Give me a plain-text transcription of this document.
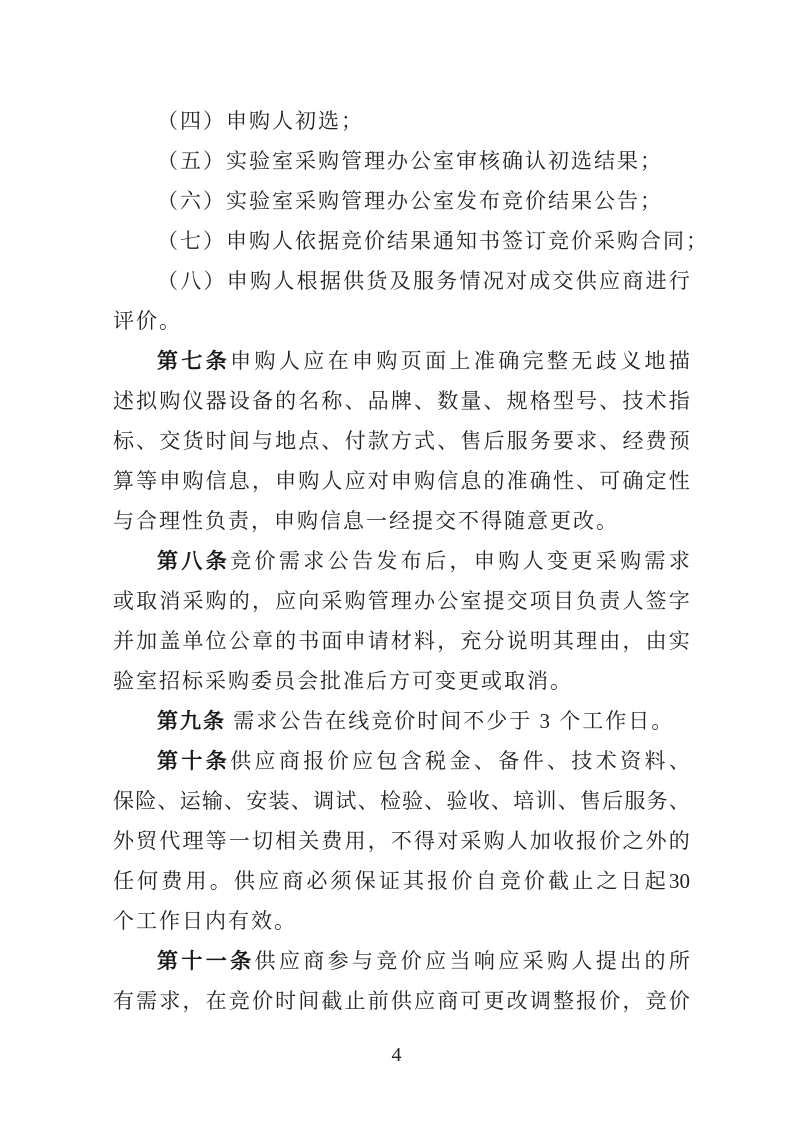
（四）申购人初选；
（五）实验室采购管理办公室审核确认初选结果；
（六）实验室采购管理办公室发布竞价结果公告；
（七）申购人依据竞价结果通知书签订竞价采购合同；
（ 八 ） 申 购 人 根 据 供 货 及 服 务 情 况 对 成 交 供 应 商 进 行
评价。
第 七 条 申 购 人 应 在 申 购 页 面 上 准 确 完 整 无 歧 义 地 描
述 拟 购 仪 器 设 备 的 名 称 、 品 牌 、 数 量 、 规 格 型 号 、 技 术 指
标 、 交 货 时 间 与 地 点 、 付 款 方 式 、 售 后 服 务 要 求 、 经 费 预
算 等 申 购 信 息 ， 申 购 人 应 对 申 购 信 息 的 准 确 性 、 可 确 定 性
与合理性负责，申购信息一经提交不得随意更改。
第 八 条 竞 价 需 求 公 告 发 布 后 ， 申 购 人 变 更 采 购 需 求
或 取 消 采 购 的 ， 应 向 采 购 管 理 办 公 室 提 交 项 目 负 责 人 签 字
并 加 盖 单 位 公 章 的 书 面 申 请 材 料 ， 充 分 说 明 其 理 由 ， 由 实
验室招标采购委员会批准后方可变更或取消。
第九条 需求公告在线竞价时间不少于 3 个工作日。
第 十 条 供 应 商 报 价 应 包 含 税 金 、 备 件 、 技 术 资 料 、
保 险 、 运 输 、 安 装 、 调 试 、 检 验 、 验 收 、 培 训 、 售 后 服 务 、
外 贸 代 理 等 一 切 相 关 费 用 ， 不 得 对 采 购 人 加 收 报 价 之 外 的
任 何 费 用 。 供 应 商 必 须 保 证 其 报 价 自 竞 价 截 止 之 日 起 30
个工作日内有效。
第 十 一 条 供 应 商 参 与 竞 价 应 当 响 应 采 购 人 提 出 的 所
有 需 求 ， 在 竞 价 时 间 截 止 前 供 应 商 可 更 改 调 整 报 价 ， 竞 价
4
